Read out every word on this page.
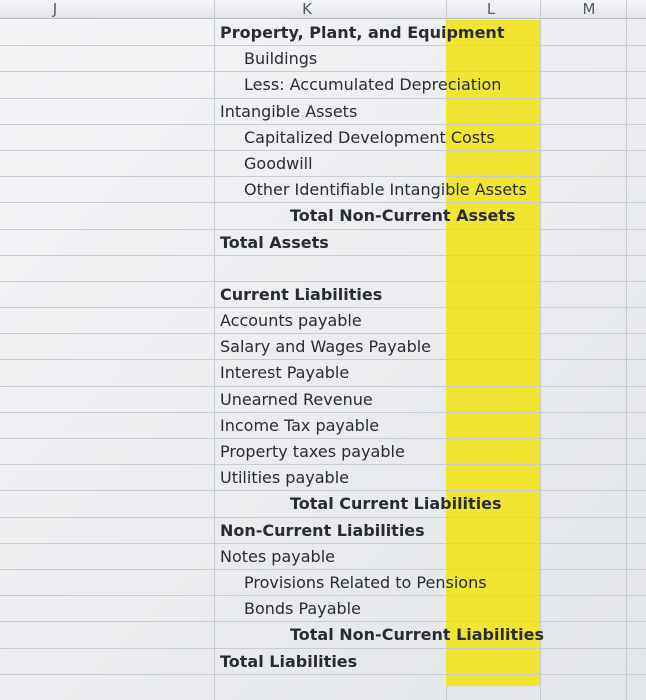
J	K	L	M
Property, Plant, and Equipment
Buildings
Less: Accumulated Depreciation
Intangible Assets
Capitalized Development Costs
Goodwill
Other Identifiable Intangible Assets
Total Non-Current Assets
Total Assets
Current Liabilities
Accounts payable
Salary and Wages Payable
Interest Payable
Unearned Revenue
Income Tax payable
Property taxes payable
Utilities payable
Total Current Liabilities
Non-Current Liabilities
Notes payable
Provisions Related to Pensions
Bonds Payable
Total Non-Current Liabilities
Total Liabilities
